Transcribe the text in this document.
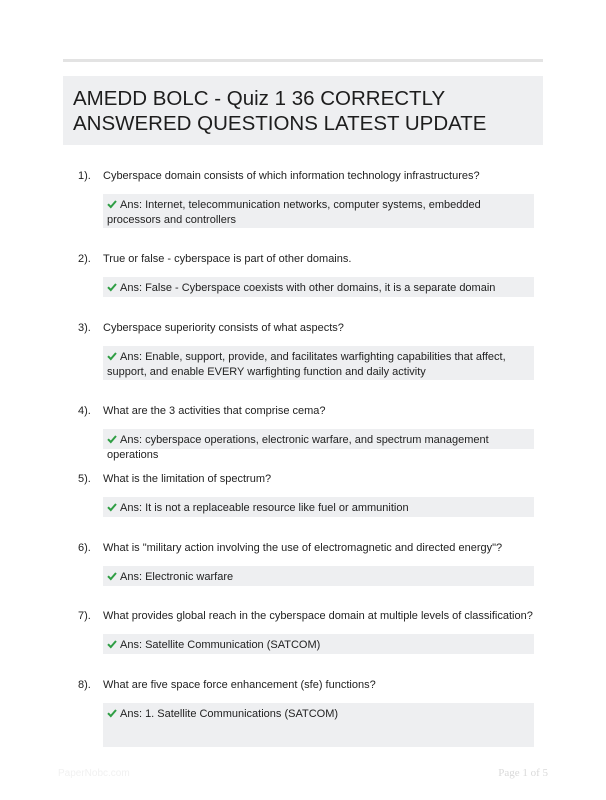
AMEDD BOLC - Quiz 1 36 CORRECTLY ANSWERED QUESTIONS LATEST UPDATE
1). Cyberspace domain consists of which information technology infrastructures?
Ans: Internet, telecommunication networks, computer systems, embedded processors and controllers
2). True or false - cyberspace is part of other domains.
Ans: False - Cyberspace coexists with other domains, it is a separate domain
3). Cyberspace superiority consists of what aspects?
Ans: Enable, support, provide, and facilitates warfighting capabilities that affect, support, and enable EVERY warfighting function and daily activity
4). What are the 3 activities that comprise cema?
Ans: cyberspace operations, electronic warfare, and spectrum management operations
5). What is the limitation of spectrum?
Ans: It is not a replaceable resource like fuel or ammunition
6). What is "military action involving the use of electromagnetic and directed energy"?
Ans: Electronic warfare
7). What provides global reach in the cyberspace domain at multiple levels of classification?
Ans: Satellite Communication (SATCOM)
8). What are five space force enhancement (sfe) functions?
Ans: 1. Satellite Communications (SATCOM)
PaperNobc.com	Page 1 of 5
